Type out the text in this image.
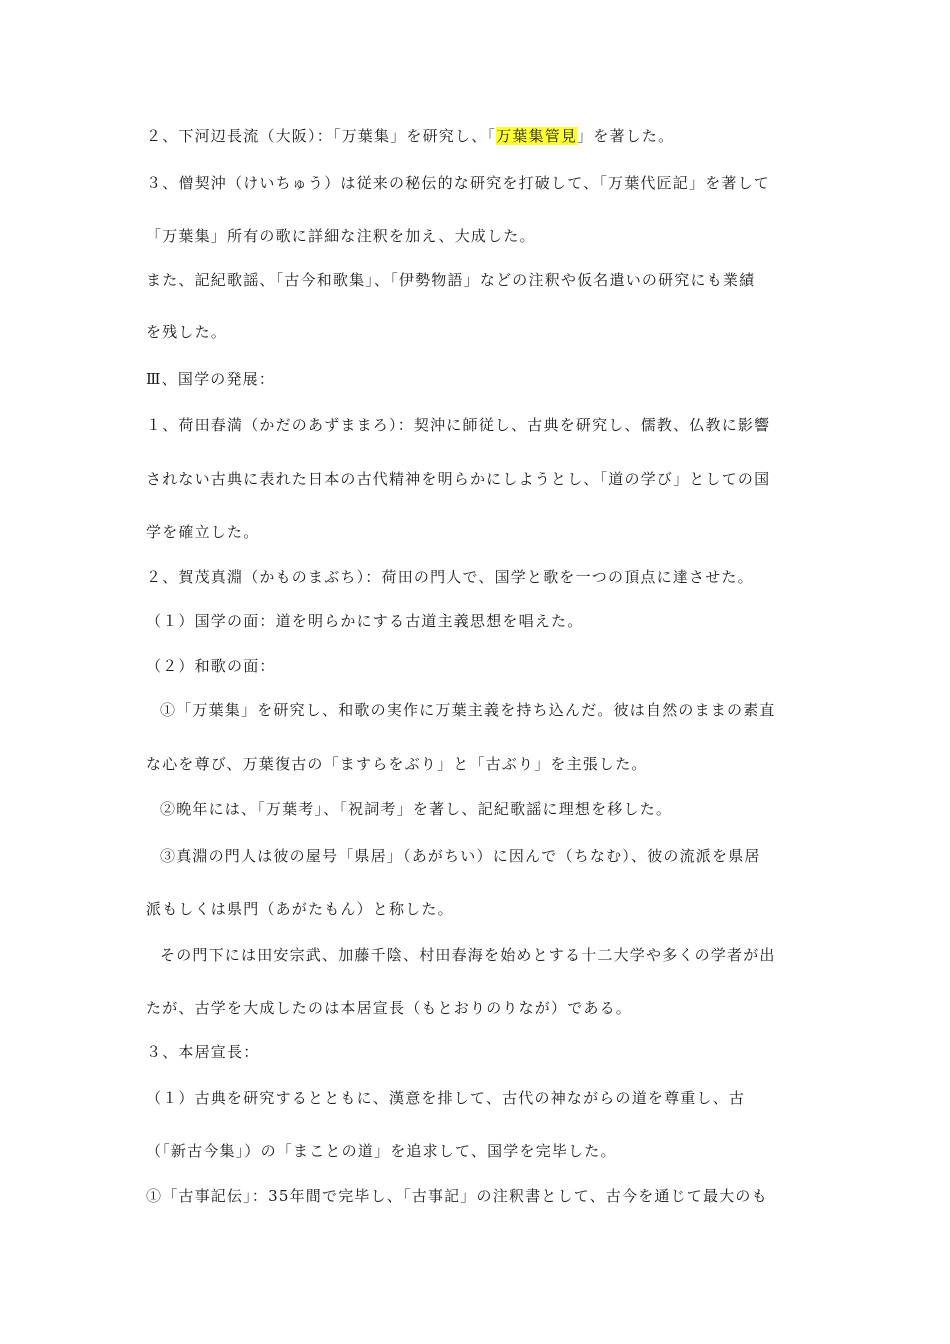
２、下河辺長流（大阪）：「万葉集」を研究し、「万葉集管見」を著した。
３、僧契沖（けいちゅう）は従来の秘伝的な研究を打破して、「万葉代匠記」を著して
「万葉集」所有の歌に詳細な注釈を加え、大成した。
また、記紀歌謡、「古今和歌集」、「伊勢物語」などの注釈や仮名遣いの研究にも業績
を残した。
Ⅲ、国学の発展：
１、荷田春満（かだのあずままろ）：契沖に師従し、古典を研究し、儒教、仏教に影響
されない古典に表れた日本の古代精神を明らかにしようとし、「道の学び」としての国
学を確立した。
２、賀茂真淵（かものまぶち）：荷田の門人で、国学と歌を一つの頂点に達させた。
（１）国学の面：道を明らかにする古道主義思想を唱えた。
（２）和歌の面：
①「万葉集」を研究し、和歌の実作に万葉主義を持ち込んだ。彼は自然のままの素直
な心を尊び、万葉復古の「ますらをぶり」と「古ぶり」を主張した。
②晩年には、「万葉考」、「祝詞考」を著し、記紀歌謡に理想を移した。
③真淵の門人は彼の屋号「県居」（あがちい）に因んで（ちなむ）、彼の流派を県居
派もしくは県門（あがたもん）と称した。
その門下には田安宗武、加藤千陰、村田春海を始めとする十二大学や多くの学者が出
たが、古学を大成したのは本居宣長（もとおりのりなが）である。
３、本居宣長：
（１）古典を研究するとともに、漢意を排して、古代の神ながらの道を尊重し、古
（「新古今集」）の「まことの道」を追求して、国学を完毕した。
①「古事記伝」：35年間で完毕し、「古事記」の注釈書として、古今を通じて最大のも
